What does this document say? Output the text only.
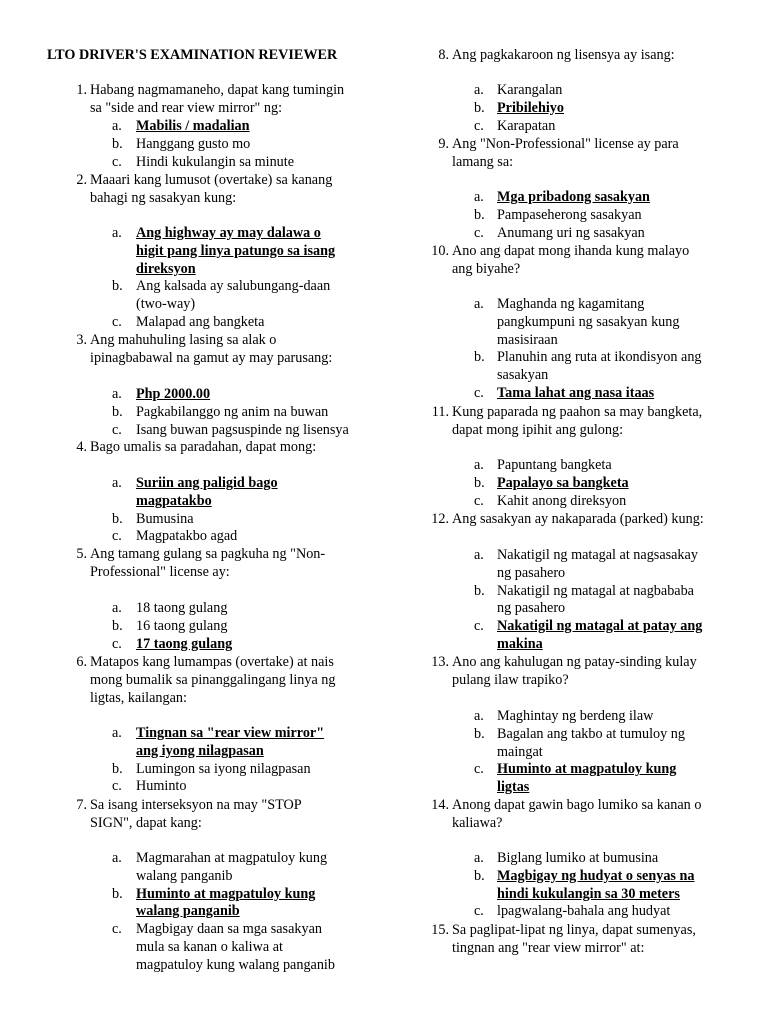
LTO DRIVER'S EXAMINATION REVIEWER
1. Habang nagmamaneho, dapat kang tumingin
sa "side and rear view mirror" ng:
a. Mabilis / madalian
b. Hanggang gusto mo
c. Hindi kukulangin sa minute
2. Maaari kang lumusot (overtake) sa kanang
bahagi ng sasakyan kung:
a. Ang highway ay may dalawa o
higit pang linya patungo sa isang
direksyon
b. Ang kalsada ay salubungang-daan
(two-way)
c. Malapad ang bangketa
3. Ang mahuhuling lasing sa alak o
ipinagbabawal na gamut ay may parusang:
a. Php 2000.00
b. Pagkabilanggo ng anim na buwan
c. Isang buwan pagsuspinde ng lisensya
4. Bago umalis sa paradahan, dapat mong:
a. Suriin ang paligid bago
magpatakbo
b. Bumusina
c. Magpatakbo agad
5. Ang tamang gulang sa pagkuha ng "Non-
Professional" license ay:
a. 18 taong gulang
b. 16 taong gulang
c. 17 taong gulang
6. Matapos kang lumampas (overtake) at nais
mong bumalik sa pinanggalingang linya ng
ligtas, kailangan:
a. Tingnan sa "rear view mirror"
ang iyong nilagpasan
b. Lumingon sa iyong nilagpasan
c. Huminto
7. Sa isang interseksyon na may "STOP
SIGN", dapat kang:
a. Magmarahan at magpatuloy kung
walang panganib
b. Huminto at magpatuloy kung
walang panganib
c. Magbigay daan sa mga sasakyan
mula sa kanan o kaliwa at
magpatuloy kung walang panganib
8. Ang pagkakaroon ng lisensya ay isang:
a. Karangalan
b. Pribilehiyo
c. Karapatan
9. Ang "Non-Professional" license ay para
lamang sa:
a. Mga pribadong sasakyan
b. Pampaseherong sasakyan
c. Anumang uri ng sasakyan
10. Ano ang dapat mong ihanda kung malayo
ang biyahe?
a. Maghanda ng kagamitang
pangkumpuni ng sasakyan kung
masisiraan
b. Planuhin ang ruta at ikondisyon ang
sasakyan
c. Tama lahat ang nasa itaas
11. Kung paparada ng paahon sa may bangketa,
dapat mong ipihit ang gulong:
a. Papuntang bangketa
b. Papalayo sa bangketa
c. Kahit anong direksyon
12. Ang sasakyan ay nakaparada (parked) kung:
a. Nakatigil ng matagal at nagsasakay
ng pasahero
b. Nakatigil ng matagal at nagbababa
ng pasahero
c. Nakatigil ng matagal at patay ang
makina
13. Ano ang kahulugan ng patay-sinding kulay
pulang ilaw trapiko?
a. Maghintay ng berdeng ilaw
b. Bagalan ang takbo at tumuloy ng
maingat
c. Huminto at magpatuloy kung
ligtas
14. Anong dapat gawin bago lumiko sa kanan o
kaliawa?
a. Biglang lumiko at bumusina
b. Magbigay ng hudyat o senyas na
hindi kukulangin sa 30 meters
c. lpagwalang-bahala ang hudyat
15. Sa paglipat-lipat ng linya, dapat sumenyas,
tingnan ang "rear view mirror" at:
